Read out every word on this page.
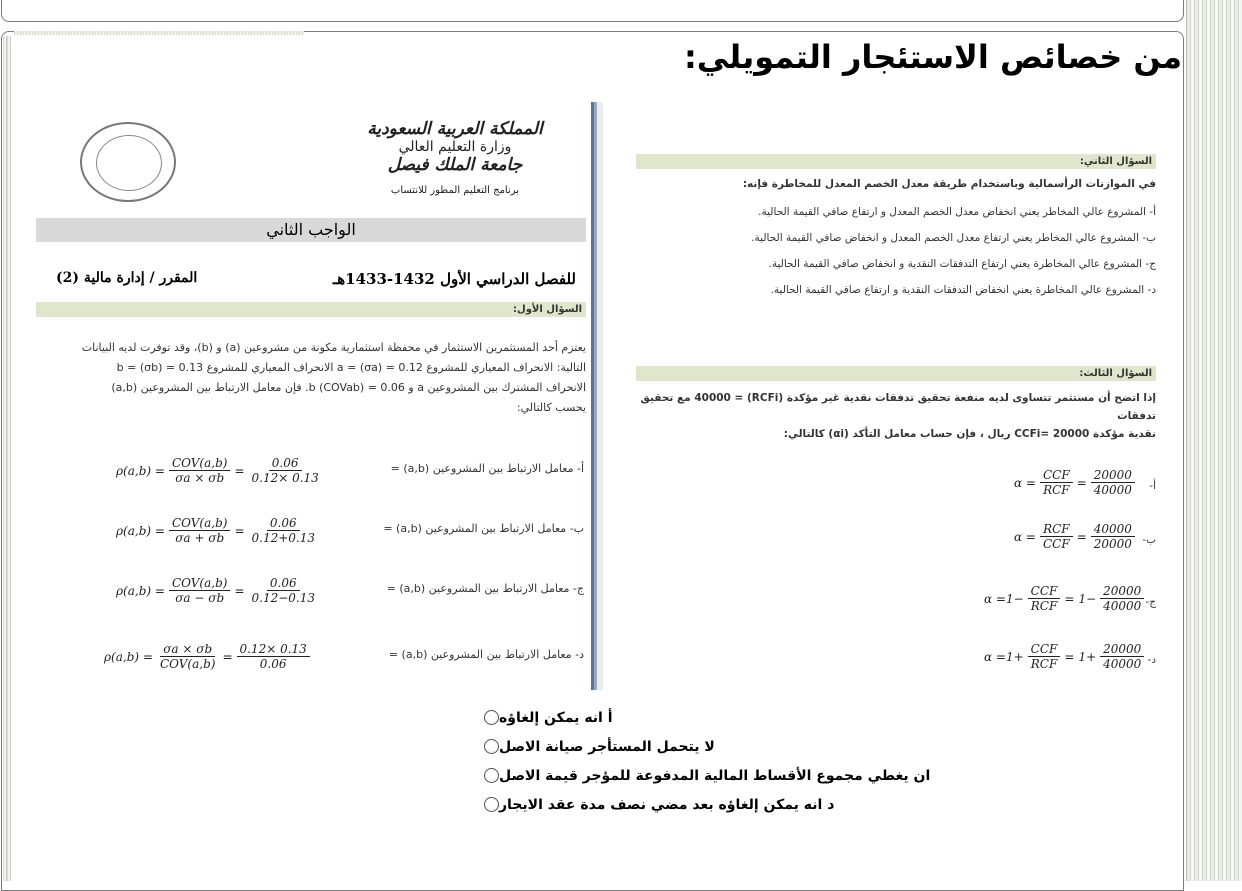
من خصائص الاستئجار التمويلي:
المملكة العربية السعودية
وزارة التعليم العالي
جامعة الملك فيصل
برنامج التعليم المطور للانتساب
الواجب الثاني
للفصل الدراسي الأول 1432-1433هـ
المقرر / إدارة مالية (2)
السؤال الأول:
يعتزم أحد المستثمرين الاستثمار في محفظة استثمارية مكونة من مشروعين (a) و (b)، وقد توفرت لديه البيانات
التالية: الانحراف المعياري للمشروع a = (σa) = 0.12 الانحراف المعياري للمشروع b = (σb) = 0.13
الانحراف المشترك بين المشروعين a و b (COVab) = 0.06. فإن معامل الارتباط بين المشروعين (a,b)
يحسب كالتالي:
أ- معامل الارتباط بين المشروعين (a,b) =
$\rho(a,b) = \frac{\text{COV(a,b)}}{\sigma a \times \sigma b} = \frac{0.06}{0.12\times 0.13}$
ب- معامل الارتباط بين المشروعين (a,b) =
$\rho(a,b) = \frac{\text{COV(a,b)}}{\sigma a + \sigma b} = \frac{0.06}{0.12+0.13}$
ج- معامل الارتباط بين المشروعين (a,b) =
$\rho(a,b) = \frac{\text{COV(a,b)}}{\sigma a - \sigma b} = \frac{0.06}{0.12-0.13}$
د- معامل الارتباط بين المشروعين (a,b) =
$\rho(a,b) = \frac{\sigma a \times \sigma b}{\text{COV(a,b)}} = \frac{0.12\times 0.13}{0.06}$
السؤال الثاني:
في الموازنات الرأسمالية وباستخدام طريقة معدل الخصم المعدل للمخاطرة فإنه:
أ- المشروع عالي المخاطر يعني انخفاض معدل الخصم المعدل و ارتفاع صافي القيمة الحالية.
ب- المشروع عالي المخاطر يعني ارتفاع معدل الخصم المعدل و انخفاض صافي القيمة الحالية.
ج- المشروع عالي المخاطرة يعني ارتفاع التدفقات النقدية و انخفاض صافي القيمة الحالية.
د- المشروع عالي المخاطرة يعني انخفاض التدفقات النقدية و ارتفاع صافي القيمة الحالية.
السؤال الثالث:
إذا اتضح أن مستثمر تتساوى لديه منفعة تحقيق تدفقات نقدية غير مؤكدة (RCFi) = 40000 مع تحقيق تدفقات
نقدية مؤكدة CCFi= 20000 ريال ، فإن حساب معامل التأكد (αi) كالتالي:
أ-
$\alpha = \frac{\text{CCF}}{\text{RCF}} = \frac{20000}{40000}$
ب-
$\alpha = \frac{\text{RCF}}{\text{CCF}} = \frac{40000}{20000}$
ج-
$\alpha =1- \frac{\text{CCF}}{\text{RCF}} = 1- \frac{20000}{40000}$
د-
$\alpha =1+ \frac{\text{CCF}}{\text{RCF}} = 1+ \frac{20000}{40000}$
أ انه يمكن إلغاؤه
لا يتحمل المستأجر صيانة الاصل
ان يغطي مجموع الأقساط المالية المدفوعة للمؤجر قيمة الاصل
د انه يمكن إلغاؤه بعد مضي نصف مدة عقد الايجار
